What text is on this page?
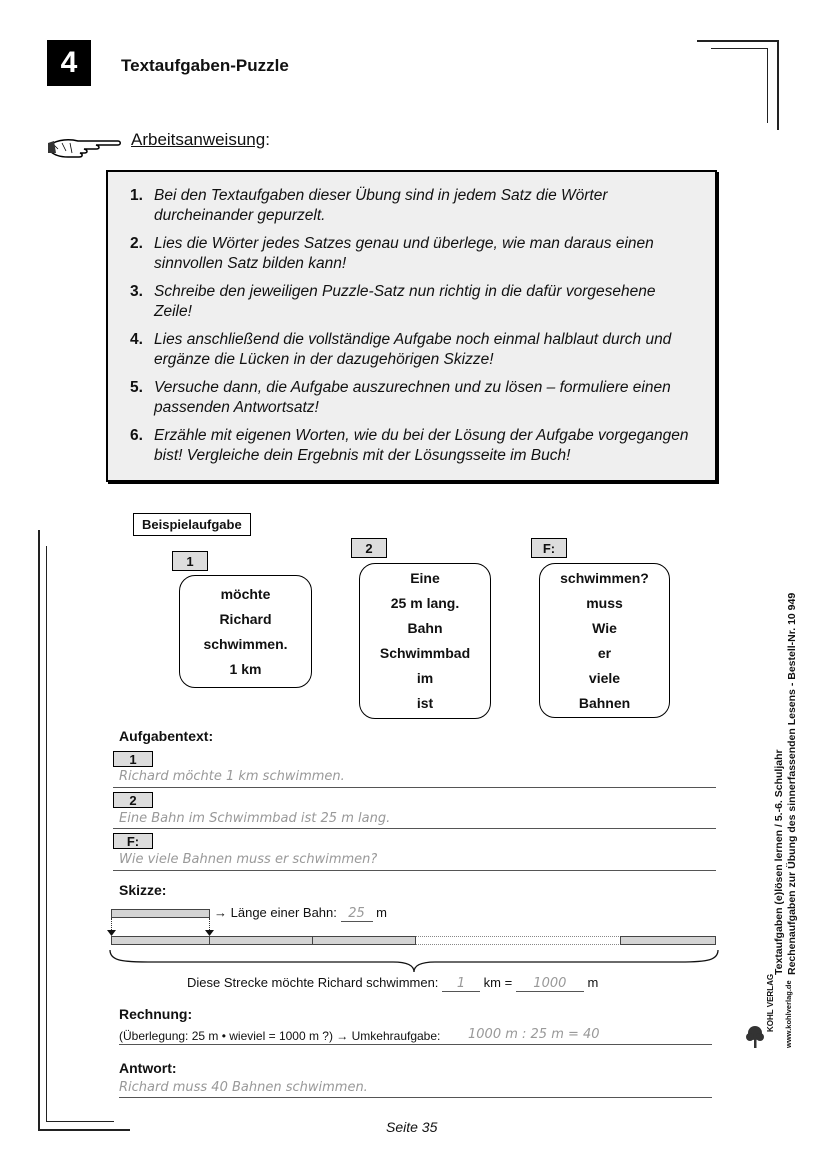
4	Textaufgaben-Puzzle
Arbeitsanweisung:
1. Bei den Textaufgaben dieser Übung sind in jedem Satz die Wörter durcheinander gepurzelt.
2. Lies die Wörter jedes Satzes genau und überlege, wie man daraus einen sinnvollen Satz bilden kann!
3. Schreibe den jeweiligen Puzzle-Satz nun richtig in die dafür vorgesehene Zeile!
4. Lies anschließend die vollständige Aufgabe noch einmal halblaut durch und ergänze die Lücken in der dazugehörigen Skizze!
5. Versuche dann, die Aufgabe auszurechnen und zu lösen – formuliere einen passenden Antwortsatz!
6. Erzähle mit eigenen Worten, wie du bei der Lösung der Aufgabe vorgegangen bist! Vergleiche dein Ergebnis mit der Lösungsseite im Buch!
Beispielaufgabe
1
möchte
Richard
schwimmen.
1 km
2
Eine
25 m lang.
Bahn
Schwimmbad
im
ist
F:
schwimmen?
muss
Wie
er
viele
Bahnen
Aufgabentext:
1
Richard möchte 1 km schwimmen.
2
Eine Bahn im Schwimmbad ist 25 m lang.
F:
Wie viele Bahnen muss er schwimmen?
Skizze:
→ Länge einer Bahn: 25 m
Diese Strecke möchte Richard schwimmen: 1 km = 1000 m
Rechnung:
(Überlegung: 25 m • wieviel = 1000 m ?) → Umkehraufgabe: 1000 m : 25 m = 40
Antwort:
Richard muss 40 Bahnen schwimmen.
Seite 35
Textaufgaben (e)lösen lernen / 5.-6. Schuljahr Rechenaufgaben zur Übung des sinnerfassenden Lesens - Bestell-Nr. 10 949
KOHL VERLAG www.kohlverlag.de
